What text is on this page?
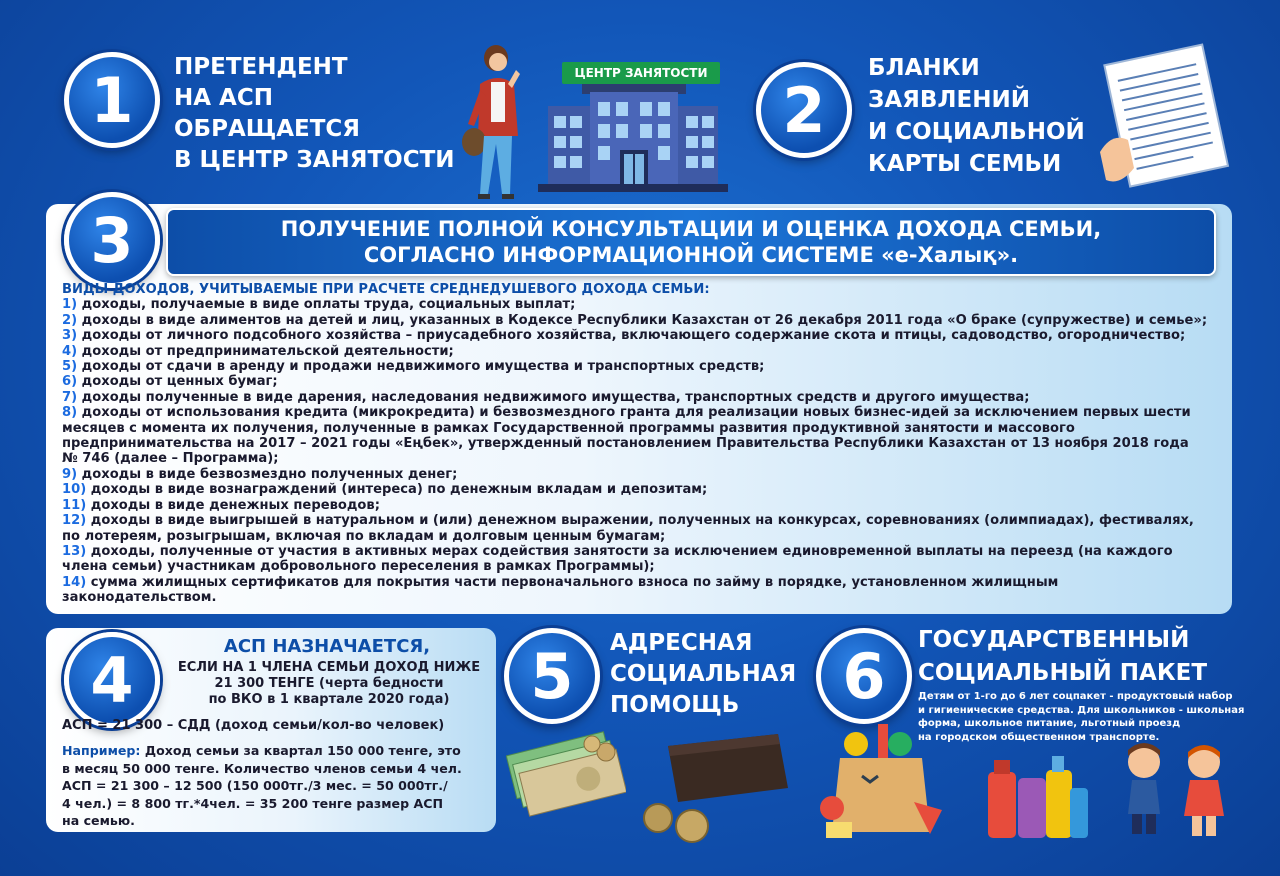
1	ПРЕТЕНДЕНТ
НА АСП
ОБРАЩАЕТСЯ
В ЦЕНТР ЗАНЯТОСТИ
ЦЕНТР ЗАНЯТОСТИ
2
БЛАНКИ
ЗАЯВЛЕНИЙ
И СОЦИАЛЬНОЙ
КАРТЫ СЕМЬИ
3	ПОЛУЧЕНИЕ ПОЛНОЙ КОНСУЛЬТАЦИИ И ОЦЕНКА ДОХОДА СЕМЬИ,
СОГЛАСНО ИНФОРМАЦИОННОЙ СИСТЕМЕ «е-Халық».
ВИДЫ ДОХОДОВ, УЧИТЫВАЕМЫЕ ПРИ РАСЧЕТЕ СРЕДНЕДУШЕВОГО ДОХОДА СЕМЬИ:
1) доходы, получаемые в виде оплаты труда, социальных выплат;
2) доходы в виде алиментов на детей и лиц, указанных в Кодексе Республики Казахстан от 26 декабря 2011 года «О браке (супружестве) и семье»;
3) доходы от личного подсобного хозяйства – приусадебного хозяйства, включающего содержание скота и птицы, садоводство, огородничество;
4) доходы от предпринимательской деятельности;
5) доходы от сдачи в аренду и продажи недвижимого имущества и транспортных средств;
6) доходы от ценных бумаг;
7) доходы полученные в виде дарения, наследования недвижимого имущества, транспортных средств и другого имущества;
8) доходы от использования кредита (микрокредита) и безвозмездного гранта для реализации новых бизнес-идей за исключением первых шести
месяцев с момента их получения, полученные в рамках Государственной программы развития продуктивной занятости и массового
предпринимательства на 2017 – 2021 годы «Еңбек», утвержденный постановлением Правительства Республики Казахстан от 13 ноября 2018 года
№ 746 (далее – Программа);
9) доходы в виде безвозмездно полученных денег;
10) доходы в виде вознаграждений (интереса) по денежным вкладам и депозитам;
11) доходы в виде денежных переводов;
12) доходы в виде выигрышей в натуральном и (или) денежном выражении, полученных на конкурсах, соревнованиях (олимпиадах), фестивалях,
по лотереям, розыгрышам, включая по вкладам и долговым ценным бумагам;
13) доходы, полученные от участия в активных мерах содействия занятости за исключением единовременной выплаты на переезд (на каждого
члена семьи) участникам добровольного переселения в рамках Программы);
14) сумма жилищных сертификатов для покрытия части первоначального взноса по займу в порядке, установленном жилищным
законодательством.
4	АСП НАЗНАЧАЕТСЯ,
ЕСЛИ НА 1 ЧЛЕНА СЕМЬИ ДОХОД НИЖЕ
21 300 ТЕНГЕ (черта бедности
по ВКО в 1 квартале 2020 года)
АСП = 21 300 – СДД (доход семьи/кол-во человек)
Например: Доход семьи за квартал 150 000 тенге, это
в месяц 50 000 тенге. Количество членов семьи 4 чел.
АСП = 21 300 – 12 500 (150 000тг./3 мес. = 50 000тг./
4 чел.) = 8 800 тг.*4чел. = 35 200 тенге размер АСП
на семью.
5	АДРЕСНАЯ
СОЦИАЛЬНАЯ
ПОМОЩЬ	6	ГОСУДАРСТВЕННЫЙ
СОЦИАЛЬНЫЙ ПАКЕТ
Детям от 1-го до 6 лет соцпакет - продуктовый набор
и гигиенические средства. Для школьников - школьная
форма, школьное питание, льготный проезд
на городском общественном транспорте.
